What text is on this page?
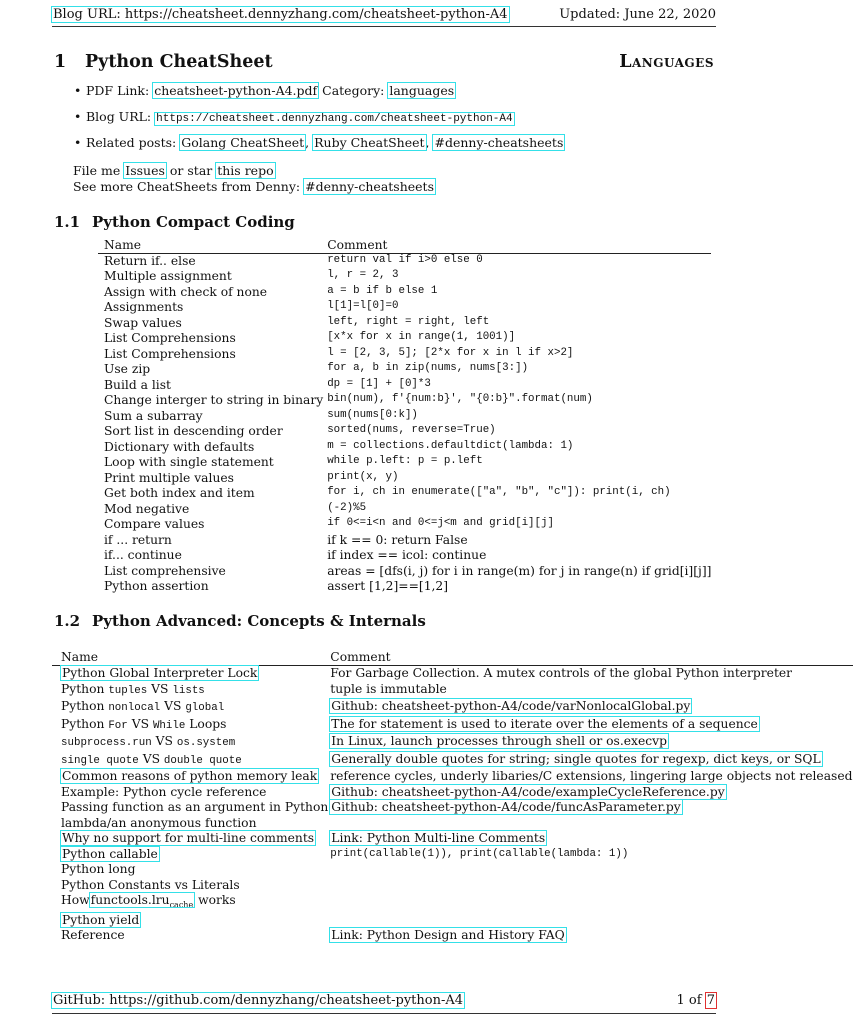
Blog URL: https://cheatsheet.dennyzhang.com/cheatsheet-python-A4	Updated: June 22, 2020
1 Python CheatSheet	Languages
• PDF Link: cheatsheet-python-A4.pdf Category: languages
• Blog URL: https://cheatsheet.dennyzhang.com/cheatsheet-python-A4
• Related posts: Golang CheatSheet, Ruby CheatSheet, #denny-cheatsheets
File me Issues or star this repo
See more CheatSheets from Denny: #denny-cheatsheets
1.1 Python Compact Coding
Name	Comment
Return if.. else	return val if i>0 else 0
Multiple assignment	l, r = 2, 3
Assign with check of none	a = b if b else 1
Assignments	l[1]=l[0]=0
Swap values	left, right = right, left
List Comprehensions	[x*x for x in range(1, 1001)]
List Comprehensions	l = [2, 3, 5]; [2*x for x in l if x>2]
Use zip	for a, b in zip(nums, nums[3:])
Build a list	dp = [1] + [0]*3
Change interger to string in binary	bin(num), f'{num:b}', "{0:b}".format(num)
Sum a subarray	sum(nums[0:k])
Sort list in descending order	sorted(nums, reverse=True)
Dictionary with defaults	m = collections.defaultdict(lambda: 1)
Loop with single statement	while p.left: p = p.left
Print multiple values	print(x, y)
Get both index and item	for i, ch in enumerate(["a", "b", "c"]): print(i, ch)
Mod negative	(-2)%5
Compare values	if 0<=i<n and 0<=j<m and grid[i][j]
if ... return	if k == 0: return False
if... continue	if index == icol: continue
List comprehensive	areas = [dfs(i, j) for i in range(m) for j in range(n) if grid[i][j]]
Python assertion	assert [1,2]==[1,2]
1.2 Python Advanced: Concepts & Internals
Name	Comment
Python Global Interpreter Lock	For Garbage Collection. A mutex controls of the global Python interpreter
Python tuples VS lists	tuple is immutable
Python nonlocal VS global	Github: cheatsheet-python-A4/code/varNonlocalGlobal.py
Python For VS While Loops	The for statement is used to iterate over the elements of a sequence
subprocess.run VS os.system	In Linux, launch processes through shell or os.execvp
single quote VS double quote	Generally double quotes for string; single quotes for regexp, dict keys, or SQL
Common reasons of python memory leak	reference cycles, underly libaries/C extensions, lingering large objects not released
Example: Python cycle reference	Github: cheatsheet-python-A4/code/exampleCycleReference.py
Passing function as an argument in Python	Github: cheatsheet-python-A4/code/funcAsParameter.py
lambda/an anonymous function	
Why no support for multi-line comments	Link: Python Multi-line Comments
Python callable	print(callable(1)), print(callable(lambda: 1))
Python long	
Python Constants vs Literals	
Howfunctools.lru$_{cache}$ works	
Python yield	
Reference	Link: Python Design and History FAQ
GitHub: https://github.com/dennyzhang/cheatsheet-python-A4	1 of 7
